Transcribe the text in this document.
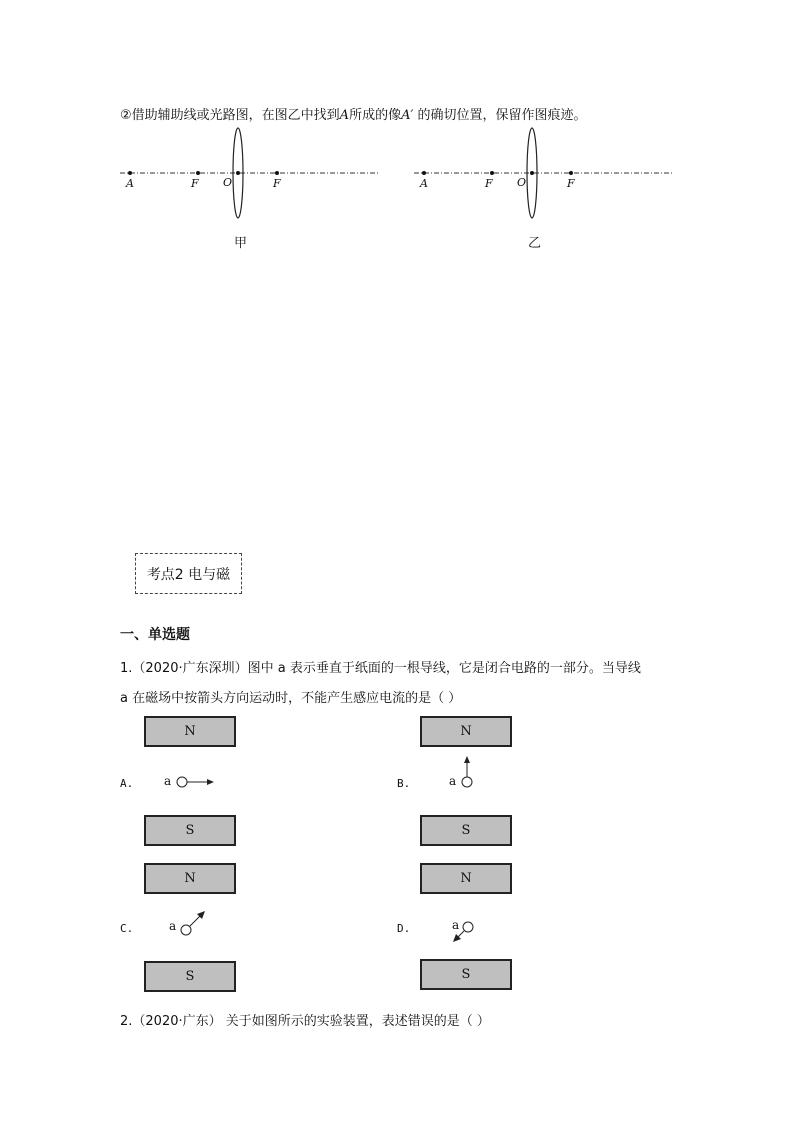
②借助辅助线或光路图，在图乙中找到A所成的像A′ 的确切位置，保留作图痕迹。
A	F O	F
甲
A	F O	F
乙
考点2 电与磁
一、单选题
1.（2020·广东深圳）图中 a 表示垂直于纸面的一根导线，它是闭合电路的一部分。当导线
a 在磁场中按箭头方向运动时，不能产生感应电流的是（ ）
N
A.	a
S
N
B.	a
S
N
C.	a
S
N
D.	a
S
2.（2020·广东） 关于如图所示的实验装置，表述错误的是（ ）
